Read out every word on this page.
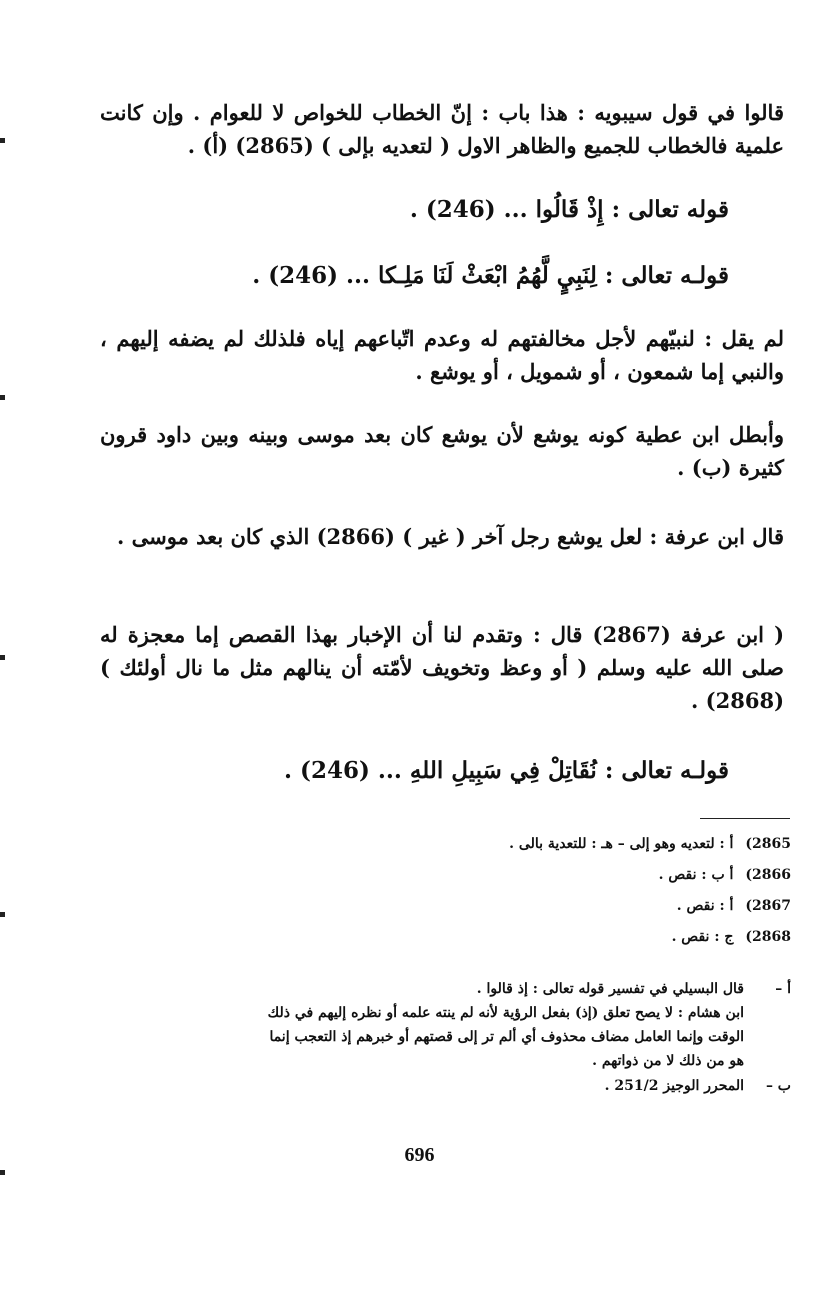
قالوا في قول سيبويه : هذا باب : إنّ الخطاب للخواص لا للعوام . وإن كانت علمية فالخطاب للجميع والظاهر الاول ( لتعديه بإلى ) (2865) (أ) .
قوله تعالى : إِذْ قَالُوا ... (246) .
قولـه تعالى : لِنَبِيٍ لَّهُمُ ابْعَثْ لَنَا مَلِـكا ... (246) .
لم يقل : لنبيّهم لأجل مخالفتهم له وعدم اتّباعهم إياه فلذلك لم يضفه إليهم ، والنبي إما شمعون ، أو شمويل ، أو يوشع .
وأبطل ابن عطية كونه يوشع لأن يوشع كان بعد موسى وبينه وبين داود قرون كثيرة (ب) .
قال ابن عرفة : لعل يوشع رجل آخر ( غير ) (2866) الذي كان بعد موسى .
( ابن عرفة (2867) قال : وتقدم لنا أن الإخبار بهذا القصص إما معجزة له صلى الله عليه وسلم ( أو وعظ وتخويف لأمّته أن ينالهم مثل ما نال أولئك ) (2868) .
قولـه تعالى : نُقَاتِلْ فِي سَبِيلِ اللهِ ... (246) .
2865)أ : لتعديه وهو إلى – هـ : للتعدية بالى .
2866)أ ب : نقص .
2867)أ : نقص .
2868)ج : نقص .
أ –
قال البسيلي في تفسير قوله تعالى : إذ قالوا .
ابن هشام : لا يصح تعلق (إذ) بفعل الرؤية لأنه لم ينته علمه أو نظره إليهم في ذلك
الوقت وإنما العامل مضاف محذوف أي ألم تر إلى قصتهم أو خبرهم إذ التعجب إنما
هو من ذلك لا من ذواتهم .
ب –
المحرر الوجيز 251/2 .
696
